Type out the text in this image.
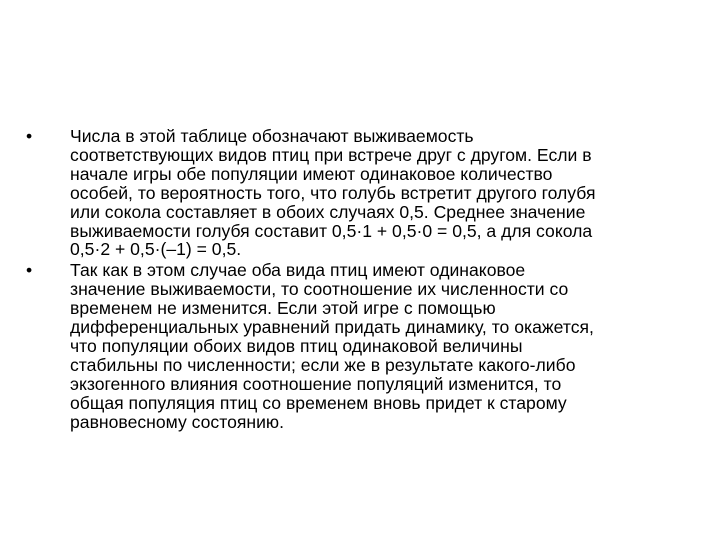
• Числа в этой таблице обозначают выживаемость
соответствующих видов птиц при встрече друг с другом. Если в
начале игры обе популяции имеют одинаковое количество
особей, то вероятность того, что голубь встретит другого голубя
или сокола составляет в обоих случаях 0,5. Среднее значение
выживаемости голубя составит 0,5·1 + 0,5·0 = 0,5, а для сокола
0,5·2 + 0,5·(–1) = 0,5.
• Так как в этом случае оба вида птиц имеют одинаковое
значение выживаемости, то соотношение их численности со
временем не изменится. Если этой игре с помощью
дифференциальных уравнений придать динамику, то окажется,
что популяции обоих видов птиц одинаковой величины
стабильны по численности; если же в результате какого-либо
экзогенного влияния соотношение популяций изменится, то
общая популяция птиц со временем вновь придет к старому
равновесному состоянию.
